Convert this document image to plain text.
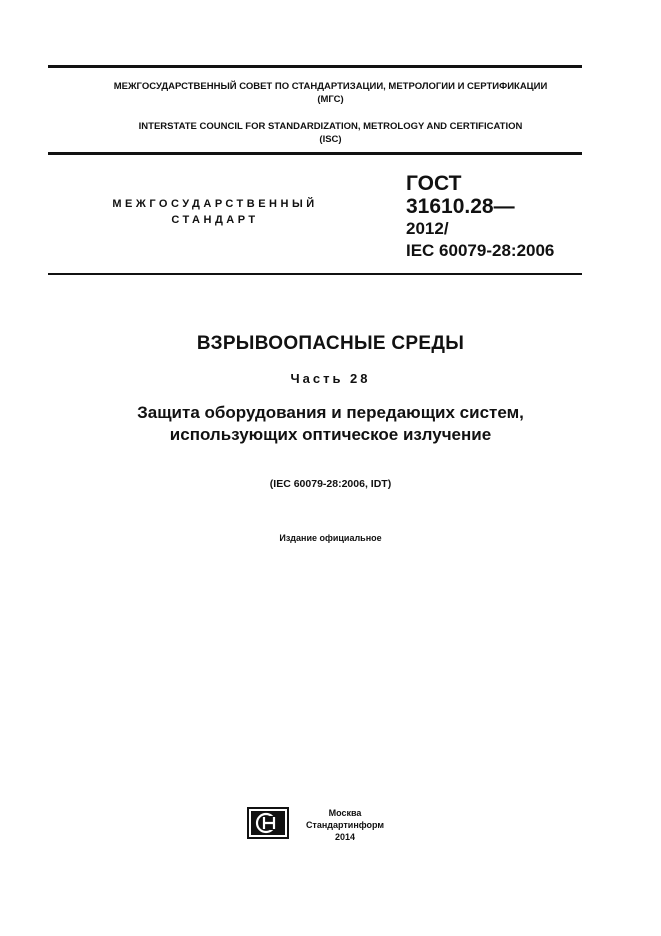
МЕЖГОСУДАРСТВЕННЫЙ СОВЕТ ПО СТАНДАРТИЗАЦИИ, МЕТРОЛОГИИ И СЕРТИФИКАЦИИ
(МГС)
INTERSTATE COUNCIL FOR STANDARDIZATION, METROLOGY AND CERTIFICATION
(ISC)
МЕЖГОСУДАРСТВЕННЫЙ
СТАНДАРТ
ГОСТ
31610.28—
2012/
IEC 60079-28:2006
ВЗРЫВООПАСНЫЕ СРЕДЫ
Часть 28
Защита оборудования и передающих систем,
использующих оптическое излучение
(IEC 60079-28:2006, IDT)
Издание официальное
Москва
Стандартинформ
2014
